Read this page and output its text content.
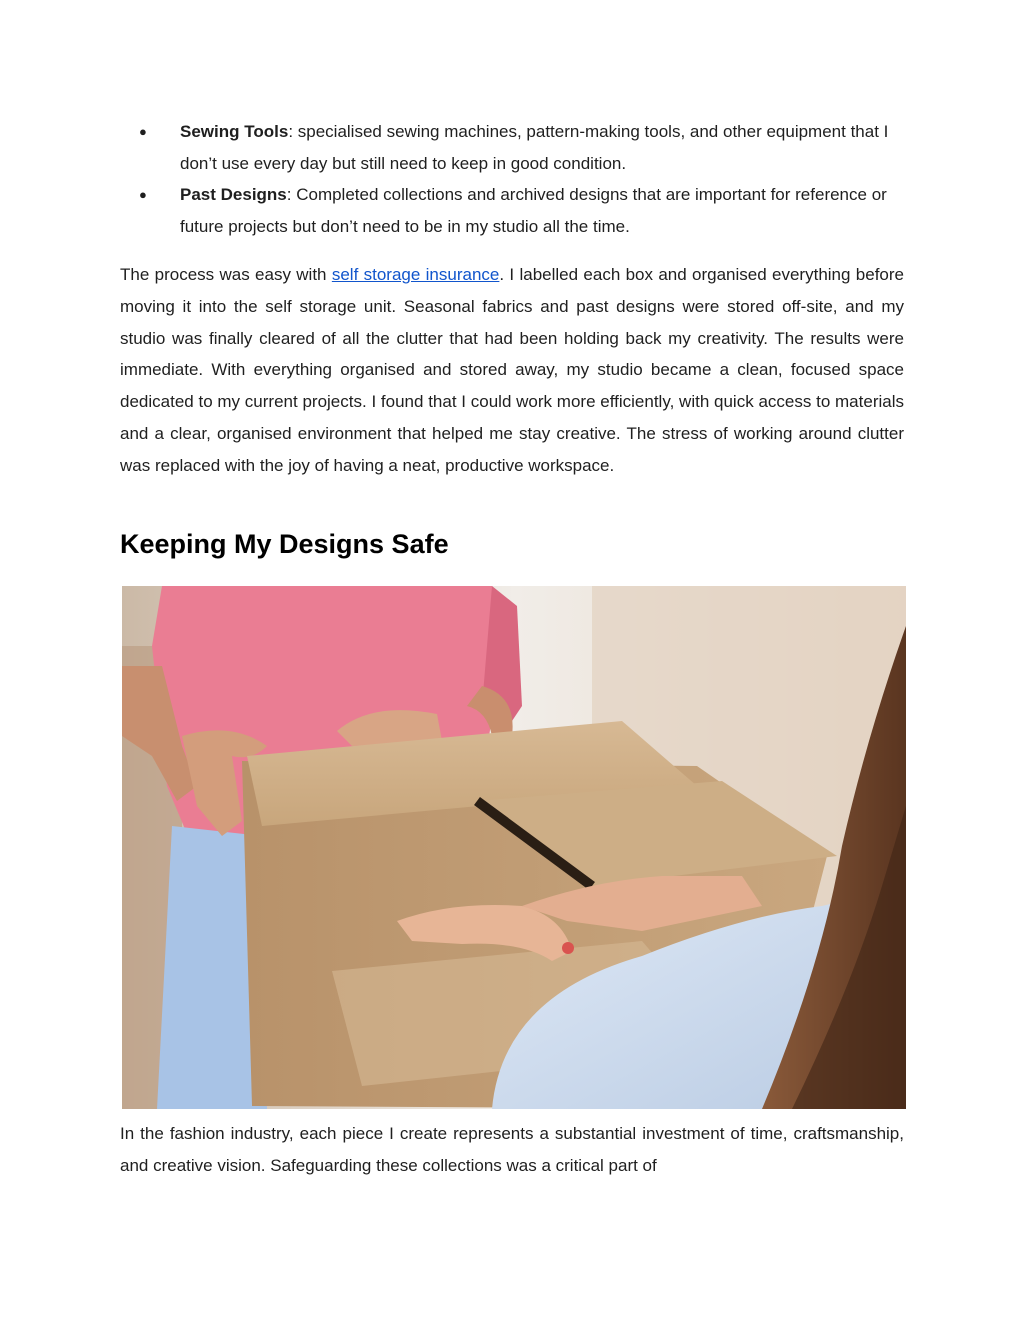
● Sewing Tools: specialised sewing machines, pattern-making tools, and other equipment that I don’t use every day but still need to keep in good condition.
● Past Designs: Completed collections and archived designs that are important for reference or future projects but don’t need to be in my studio all the time.

The process was easy with self storage insurance. I labelled each box and organised everything before moving it into the self storage unit. Seasonal fabrics and past designs were stored off-site, and my studio was finally cleared of all the clutter that had been holding back my creativity. The results were immediate. With everything organised and stored away, my studio became a clean, focused space dedicated to my current projects. I found that I could work more efficiently, with quick access to materials and a clear, organised environment that helped me stay creative. The stress of working around clutter was replaced with the joy of having a neat, productive workspace.

Keeping My Designs Safe

In the fashion industry, each piece I create represents a substantial investment of time, craftsmanship, and creative vision. Safeguarding these collections was a critical part of
